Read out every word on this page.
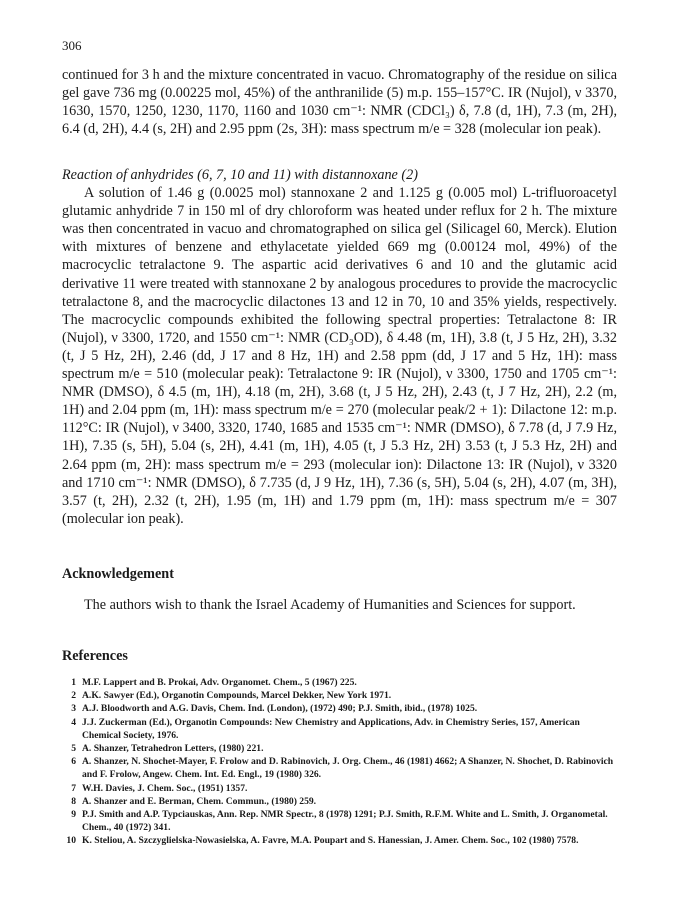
306

continued for 3 h and the mixture concentrated in vacuo. Chromatography of the residue on silica gel gave 736 mg (0.00225 mol, 45%) of the anthranilide (5) m.p. 155–157°C. IR (Nujol), ν 3370, 1630, 1570, 1250, 1230, 1170, 1160 and 1030 cm⁻¹: NMR (CDCl₃) δ, 7.8 (d, 1H), 7.3 (m, 2H), 6.4 (d, 2H), 4.4 (s, 2H) and 2.95 ppm (2s, 3H): mass spectrum m/e = 328 (molecular ion peak).

Reaction of anhydrides (6, 7, 10 and 11) with distannoxane (2)

A solution of 1.46 g (0.0025 mol) stannoxane 2 and 1.125 g (0.005 mol) L-trifluoroacetyl glutamic anhydride 7 in 150 ml of dry chloroform was heated under reflux for 2 h. The mixture was then concentrated in vacuo and chromatographed on silica gel (Silicagel 60, Merck). Elution with mixtures of benzene and ethylacetate yielded 669 mg (0.00124 mol, 49%) of the macrocyclic tetralactone 9. The aspartic acid derivatives 6 and 10 and the glutamic acid derivative 11 were treated with stannoxane 2 by analogous procedures to provide the macrocyclic tetralactone 8, and the macrocyclic dilactones 13 and 12 in 70, 10 and 35% yields, respectively. The macrocyclic compounds exhibited the following spectral properties: Tetralactone 8: IR (Nujol), ν 3300, 1720, and 1550 cm⁻¹: NMR (CD₃OD), δ 4.48 (m, 1H), 3.8 (t, J 5 Hz, 2H), 3.32 (t, J 5 Hz, 2H), 2.46 (dd, J 17 and 8 Hz, 1H) and 2.58 ppm (dd, J 17 and 5 Hz, 1H): mass spectrum m/e = 510 (molecular peak): Tetralactone 9: IR (Nujol), ν 3300, 1750 and 1705 cm⁻¹: NMR (DMSO), δ 4.5 (m, 1H), 4.18 (m, 2H), 3.68 (t, J 5 Hz, 2H), 2.43 (t, J 7 Hz, 2H), 2.2 (m, 1H) and 2.04 ppm (m, 1H): mass spectrum m/e = 270 (molecular peak/2 + 1): Dilactone 12: m.p. 112°C: IR (Nujol), ν 3400, 3320, 1740, 1685 and 1535 cm⁻¹: NMR (DMSO), δ 7.78 (d, J 7.9 Hz, 1H), 7.35 (s, 5H), 5.04 (s, 2H), 4.41 (m, 1H), 4.05 (t, J 5.3 Hz, 2H) 3.53 (t, J 5.3 Hz, 2H) and 2.64 ppm (m, 2H): mass spectrum m/e = 293 (molecular ion): Dilactone 13: IR (Nujol), ν 3320 and 1710 cm⁻¹: NMR (DMSO), δ 7.735 (d, J 9 Hz, 1H), 7.36 (s, 5H), 5.04 (s, 2H), 4.07 (m, 3H), 3.57 (t, 2H), 2.32 (t, 2H), 1.95 (m, 1H) and 1.79 ppm (m, 1H): mass spectrum m/e = 307 (molecular ion peak).

Acknowledgement

The authors wish to thank the Israel Academy of Humanities and Sciences for support.

References
1 M.F. Lappert and B. Prokai, Adv. Organomet. Chem., 5 (1967) 225.
2 A.K. Sawyer (Ed.), Organotin Compounds, Marcel Dekker, New York 1971.
3 A.J. Bloodworth and A.G. Davis, Chem. Ind. (London), (1972) 490; P.J. Smith, ibid., (1978) 1025.
4 J.J. Zuckerman (Ed.), Organotin Compounds: New Chemistry and Applications, Adv. in Chemistry Series, 157, American Chemical Society, 1976.
5 A. Shanzer, Tetrahedron Letters, (1980) 221.
6 A. Shanzer, N. Shochet-Mayer, F. Frolow and D. Rabinovich, J. Org. Chem., 46 (1981) 4662; A Shanzer, N. Shochet, D. Rabinovich and F. Frolow, Angew. Chem. Int. Ed. Engl., 19 (1980) 326.
7 W.H. Davies, J. Chem. Soc., (1951) 1357.
8 A. Shanzer and E. Berman, Chem. Commun., (1980) 259.
9 P.J. Smith and A.P. Typciauskas, Ann. Rep. NMR Spectr., 8 (1978) 1291; P.J. Smith, R.F.M. White and L. Smith, J. Organometal. Chem., 40 (1972) 341.
10 K. Steliou, A. Szczyglielska-Nowasielska, A. Favre, M.A. Poupart and S. Hanessian, J. Amer. Chem. Soc., 102 (1980) 7578.
